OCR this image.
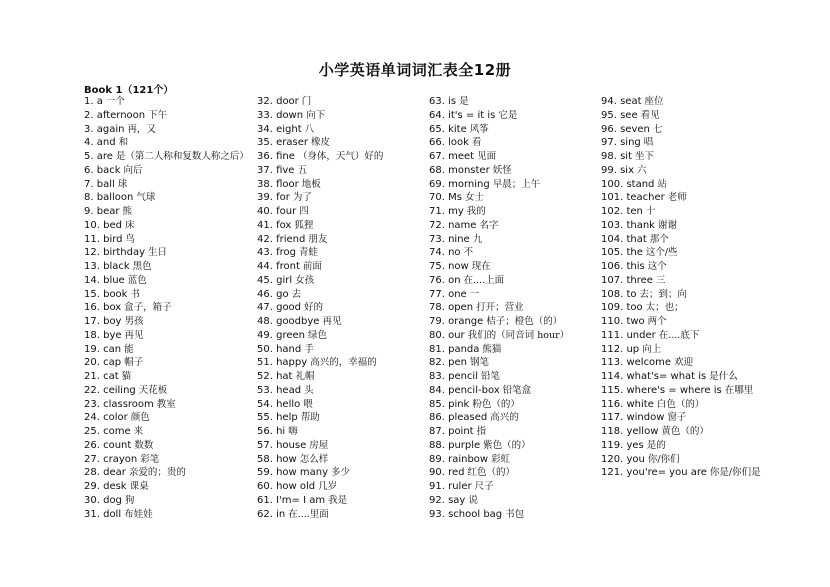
小学英语单词词汇表全12册
Book 1（121个）
1. a 一个
2. afternoon 下午
3. again 再，又
4. and 和
5. are 是（第二人称和复数人称之后）
6. back 向后
7. ball 球
8. balloon 气球
9. bear 熊
10. bed 床
11. bird 鸟
12. birthday 生日
13. black 黑色
14. blue 蓝色
15. book 书
16. box 盒子，箱子
17. boy 男孩
18. bye 再见
19. can 能
20. cap 帽子
21. cat 猫
22. ceiling 天花板
23. classroom 教室
24. color 颜色
25. come 来
26. count 数数
27. crayon 彩笔
28. dear 亲爱的；贵的
29. desk 课桌
30. dog 狗
31. doll 布娃娃
32. door 门
33. down 向下
34. eight 八
35. eraser 橡皮
36. fine （身体，天气）好的
37. five 五
38. floor 地板
39. for 为了
40. four 四
41. fox 狐狸
42. friend 朋友
43. frog 青蛙
44. front 前面
45. girl 女孩
46. go 去
47. good 好的
48. goodbye 再见
49. green 绿色
50. hand 手
51. happy 高兴的，幸福的
52. hat 礼帽
53. head 头
54. hello 喂
55. help 帮助
56. hi 嗨
57. house 房屋
58. how 怎么样
59. how many 多少
60. how old 几岁
61. I'm= I am 我是
62. in 在....里面
63. is 是
64. it's = it is 它是
65. kite 风筝
66. look 看
67. meet 见面
68. monster 妖怪
69. morning 早晨；上午
70. Ms 女士
71. my 我的
72. name 名字
73. nine 九
74. no 不
75. now 现在
76. on 在....上面
77. one 一
78. open 打开；营业
79. orange 桔子；橙色（的）
80. our 我们的（同音词 hour）
81. panda 熊猫
82. pen 钢笔
83. pencil 铅笔
84. pencil-box 铅笔盒
85. pink 粉色（的）
86. pleased 高兴的
87. point 指
88. purple 紫色（的）
89. rainbow 彩虹
90. red 红色（的）
91. ruler 尺子
92. say 说
93. school bag 书包
94. seat 座位
95. see 看见
96. seven 七
97. sing 唱
98. sit 坐下
99. six 六
100. stand 站
101. teacher 老师
102. ten 十
103. thank 谢谢
104. that 那个
105. the 这个/些
106. this 这个
107. three 三
108. to 去；到；向
109. too 太；也；
110. two 两个
111. under 在....底下
112. up 向上
113. welcome 欢迎
114. what's= what is 是什么
115. where's = where is 在哪里
116. white 白色（的）
117. window 窗子
118. yellow 黄色（的）
119. yes 是的
120. you 你/你们
121. you're= you are 你是/你们是
